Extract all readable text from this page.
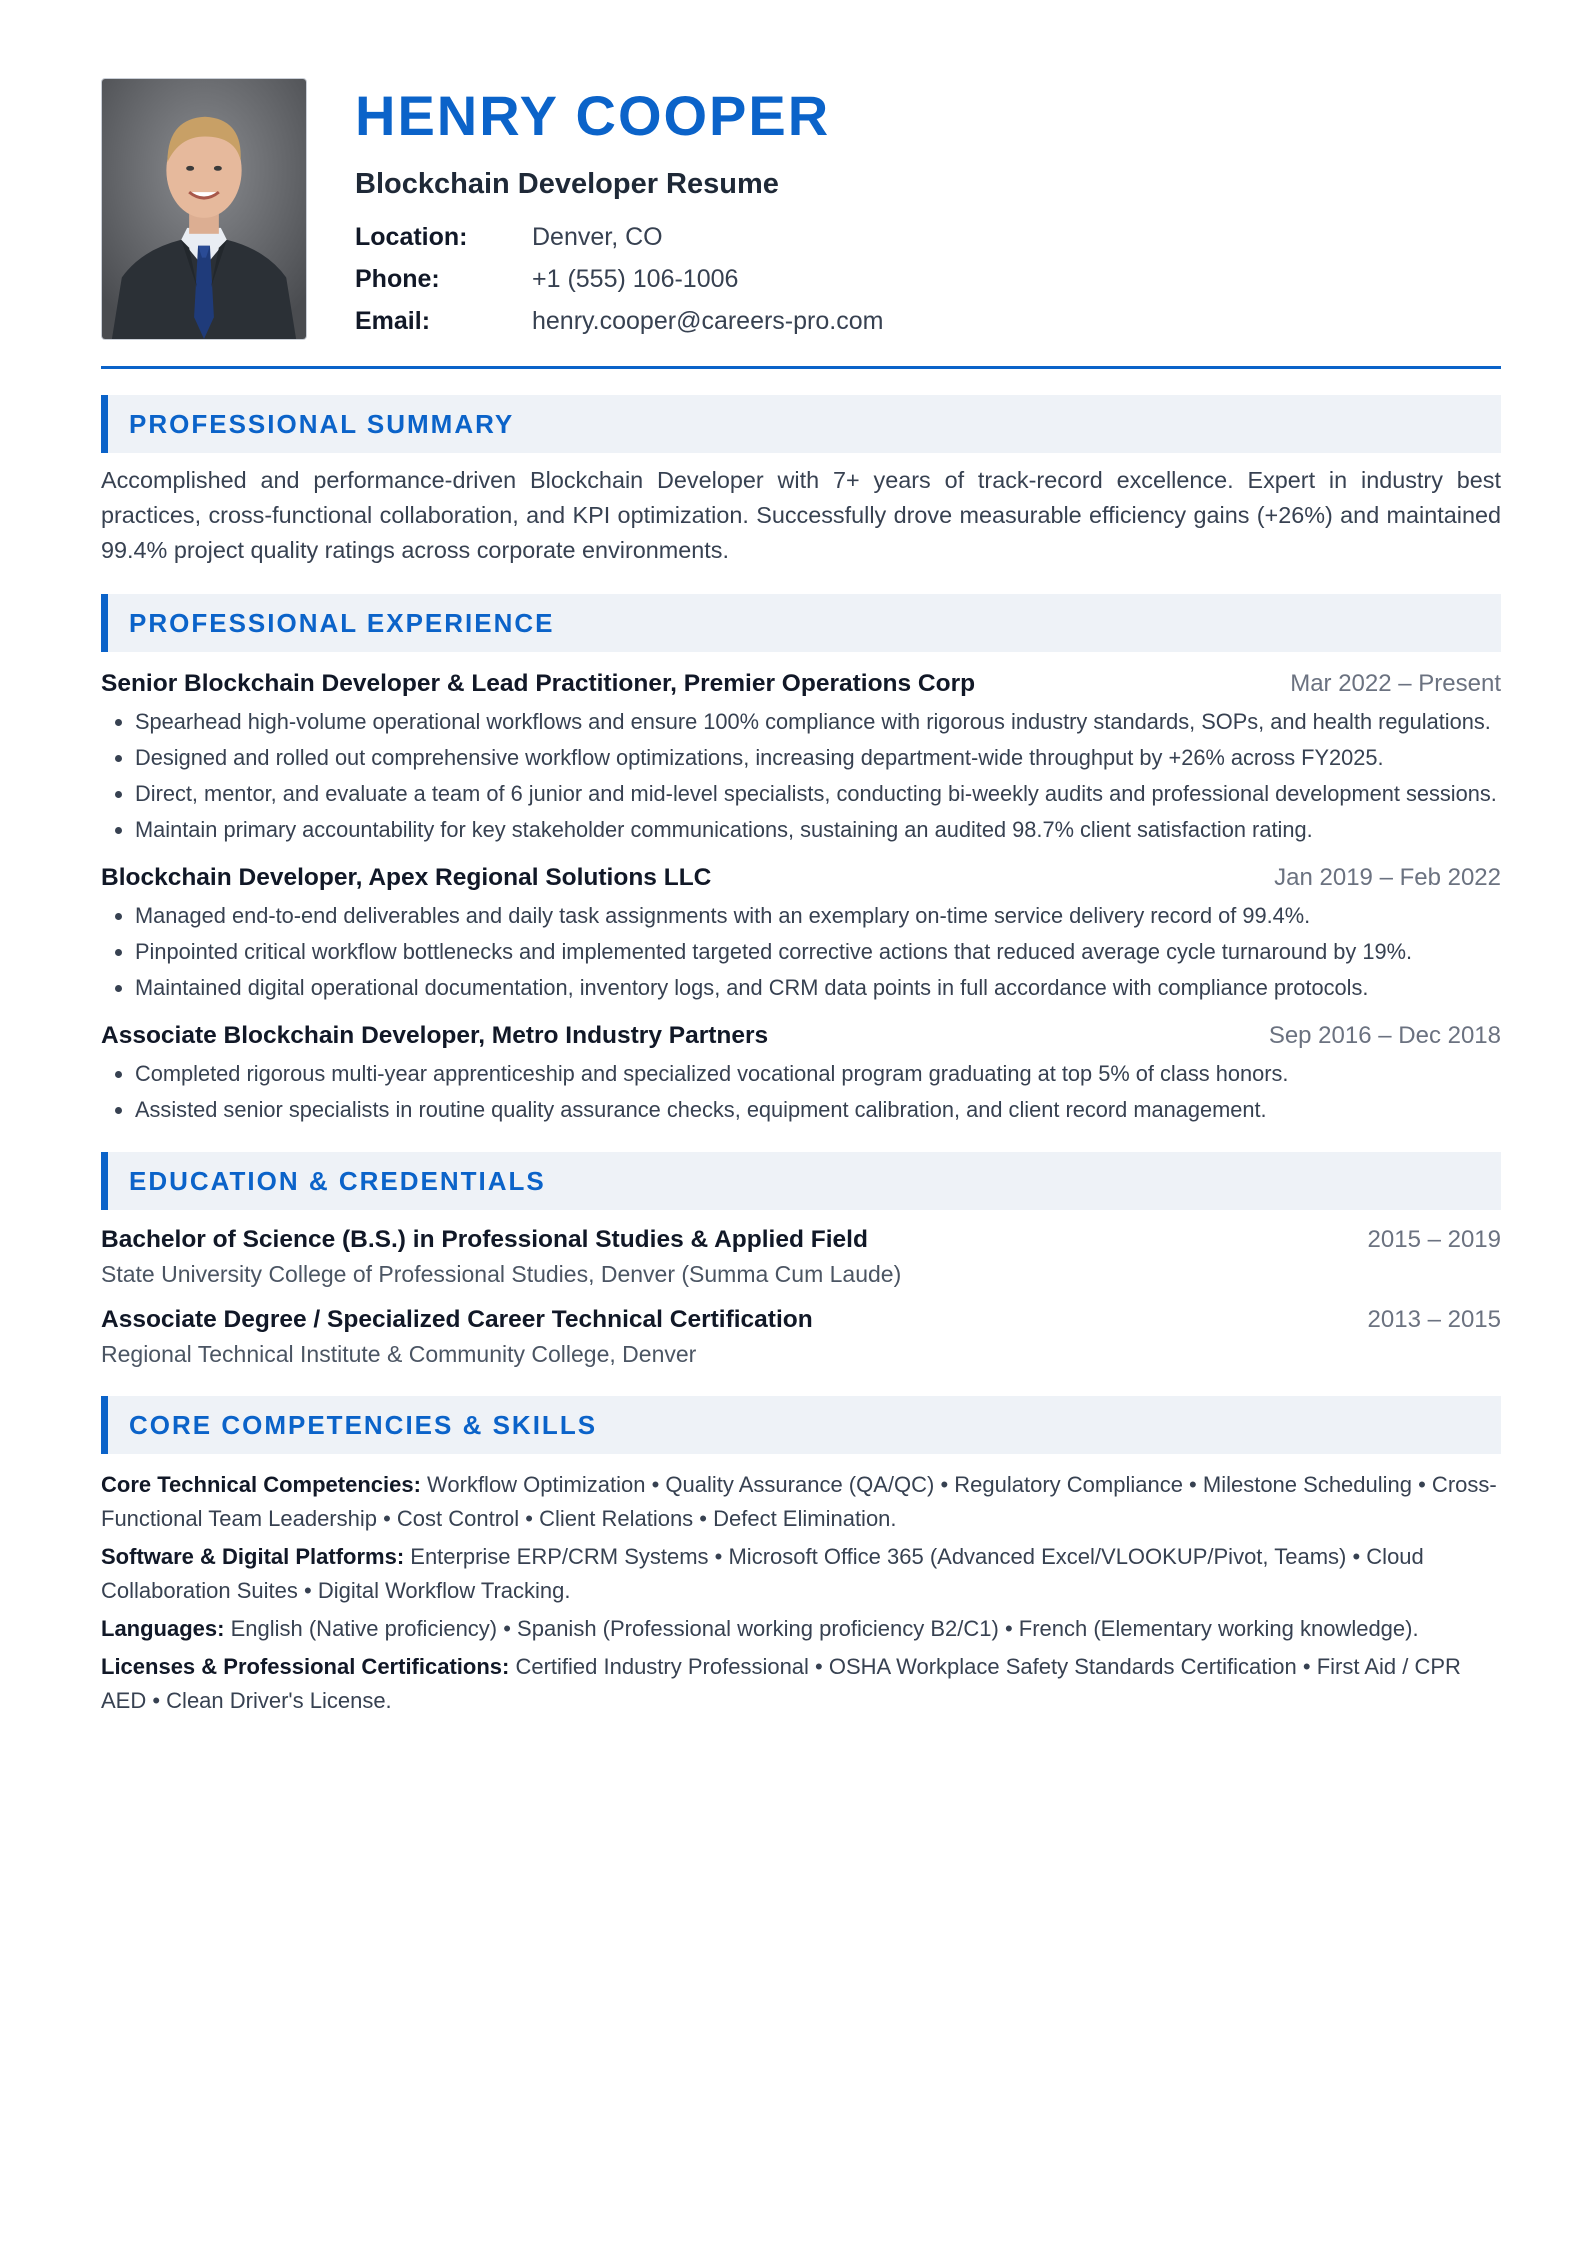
HENRY COOPER
Blockchain Developer Resume
Location:	Denver, CO
Phone:	+1 (555) 106-1006
Email:	henry.cooper@careers-pro.com
PROFESSIONAL SUMMARY
Accomplished and performance-driven Blockchain Developer with 7+ years of track-record excellence. Expert in industry best practices, cross-functional collaboration, and KPI optimization. Successfully drove measurable efficiency gains (+26%) and maintained 99.4% project quality ratings across corporate environments.
PROFESSIONAL EXPERIENCE
Senior Blockchain Developer & Lead Practitioner, Premier Operations Corp	Mar 2022 – Present
• Spearhead high-volume operational workflows and ensure 100% compliance with rigorous industry standards, SOPs, and health regulations.
• Designed and rolled out comprehensive workflow optimizations, increasing department-wide throughput by +26% across FY2025.
• Direct, mentor, and evaluate a team of 6 junior and mid-level specialists, conducting bi-weekly audits and professional development sessions.
• Maintain primary accountability for key stakeholder communications, sustaining an audited 98.7% client satisfaction rating.
Blockchain Developer, Apex Regional Solutions LLC	Jan 2019 – Feb 2022
• Managed end-to-end deliverables and daily task assignments with an exemplary on-time service delivery record of 99.4%.
• Pinpointed critical workflow bottlenecks and implemented targeted corrective actions that reduced average cycle turnaround by 19%.
• Maintained digital operational documentation, inventory logs, and CRM data points in full accordance with compliance protocols.
Associate Blockchain Developer, Metro Industry Partners	Sep 2016 – Dec 2018
• Completed rigorous multi-year apprenticeship and specialized vocational program graduating at top 5% of class honors.
• Assisted senior specialists in routine quality assurance checks, equipment calibration, and client record management.
EDUCATION & CREDENTIALS
Bachelor of Science (B.S.) in Professional Studies & Applied Field	2015 – 2019
State University College of Professional Studies, Denver (Summa Cum Laude)
Associate Degree / Specialized Career Technical Certification	2013 – 2015
Regional Technical Institute & Community College, Denver
CORE COMPETENCIES & SKILLS
Core Technical Competencies: Workflow Optimization • Quality Assurance (QA/QC) • Regulatory Compliance • Milestone Scheduling • Cross-Functional Team Leadership • Cost Control • Client Relations • Defect Elimination.
Software & Digital Platforms: Enterprise ERP/CRM Systems • Microsoft Office 365 (Advanced Excel/VLOOKUP/Pivot, Teams) • Cloud Collaboration Suites • Digital Workflow Tracking.
Languages: English (Native proficiency) • Spanish (Professional working proficiency B2/C1) • French (Elementary working knowledge).
Licenses & Professional Certifications: Certified Industry Professional • OSHA Workplace Safety Standards Certification • First Aid / CPR AED • Clean Driver's License.
